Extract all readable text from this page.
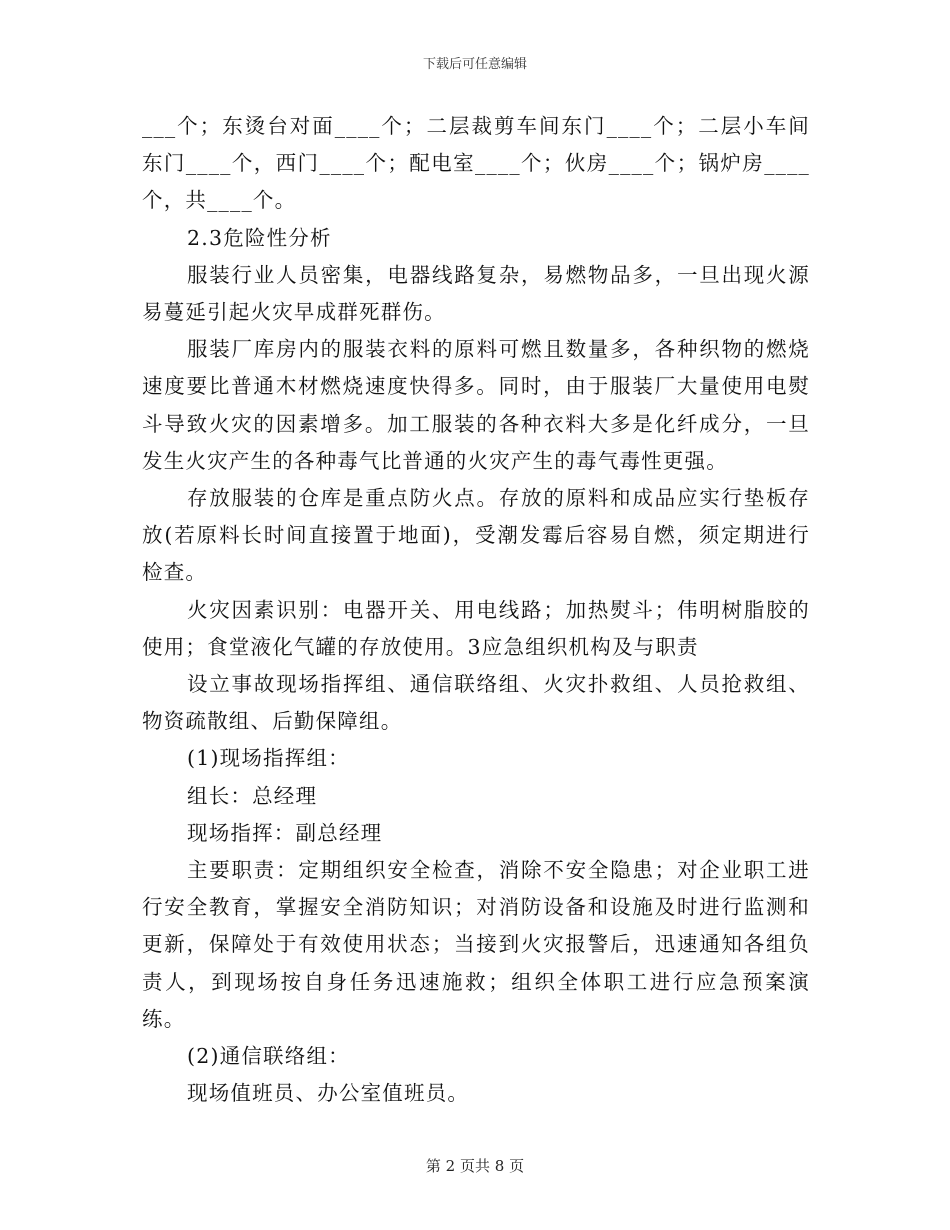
下载后可任意编辑

___个；东烫台对面____个；二层裁剪车间东门____个；二层小车间东门____个，西门____个；配电室____个；伙房____个；锅炉房____个，共____个。

2.3危险性分析

服装行业人员密集，电器线路复杂，易燃物品多，一旦出现火源易蔓延引起火灾早成群死群伤。

服装厂库房内的服装衣料的原料可燃且数量多，各种织物的燃烧速度要比普通木材燃烧速度快得多。同时，由于服装厂大量使用电熨斗导致火灾的因素增多。加工服装的各种衣料大多是化纤成分，一旦发生火灾产生的各种毒气比普通的火灾产生的毒气毒性更强。

存放服装的仓库是重点防火点。存放的原料和成品应实行垫板存放(若原料长时间直接置于地面)，受潮发霉后容易自燃，须定期进行检查。

火灾因素识别：电器开关、用电线路；加热熨斗；伟明树脂胶的使用；食堂液化气罐的存放使用。3应急组织机构及与职责

设立事故现场指挥组、通信联络组、火灾扑救组、人员抢救组、物资疏散组、后勤保障组。

(1)现场指挥组：

组长：总经理

现场指挥：副总经理

主要职责：定期组织安全检查，消除不安全隐患；对企业职工进行安全教育，掌握安全消防知识；对消防设备和设施及时进行监测和更新，保障处于有效使用状态；当接到火灾报警后，迅速通知各组负责人，到现场按自身任务迅速施救；组织全体职工进行应急预案演练。

(2)通信联络组：

现场值班员、办公室值班员。

第 2 页共 8 页
